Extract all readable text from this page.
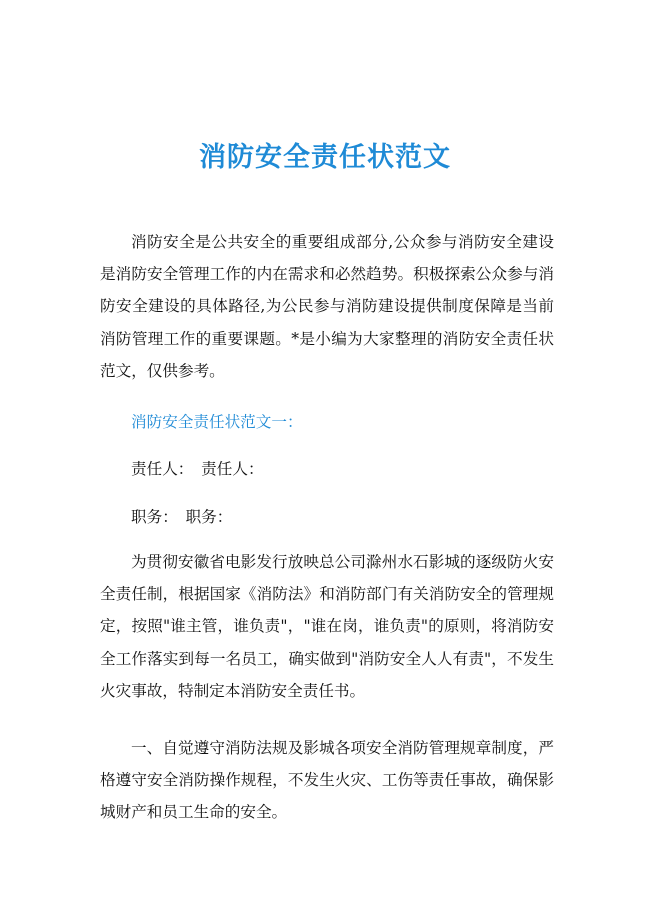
消防安全责任状范文

消防安全是公共安全的重要组成部分,公众参与消防安全建设是消防安全管理工作的内在需求和必然趋势。积极探索公众参与消防安全建设的具体路径,为公民参与消防建设提供制度保障是当前消防管理工作的重要课题。*是小编为大家整理的消防安全责任状范文，仅供参考。

消防安全责任状范文一：

责任人：　责任人：

职务：　职务：

为贯彻安徽省电影发行放映总公司滁州水石影城的逐级防火安全责任制，根据国家《消防法》和消防部门有关消防安全的管理规定，按照"谁主管，谁负责"，"谁在岗，谁负责"的原则，将消防安全工作落实到每一名员工，确实做到"消防安全人人有责"，不发生火灾事故，特制定本消防安全责任书。

一、自觉遵守消防法规及影城各项安全消防管理规章制度，严格遵守安全消防操作规程，不发生火灾、工伤等责任事故，确保影城财产和员工生命的安全。
